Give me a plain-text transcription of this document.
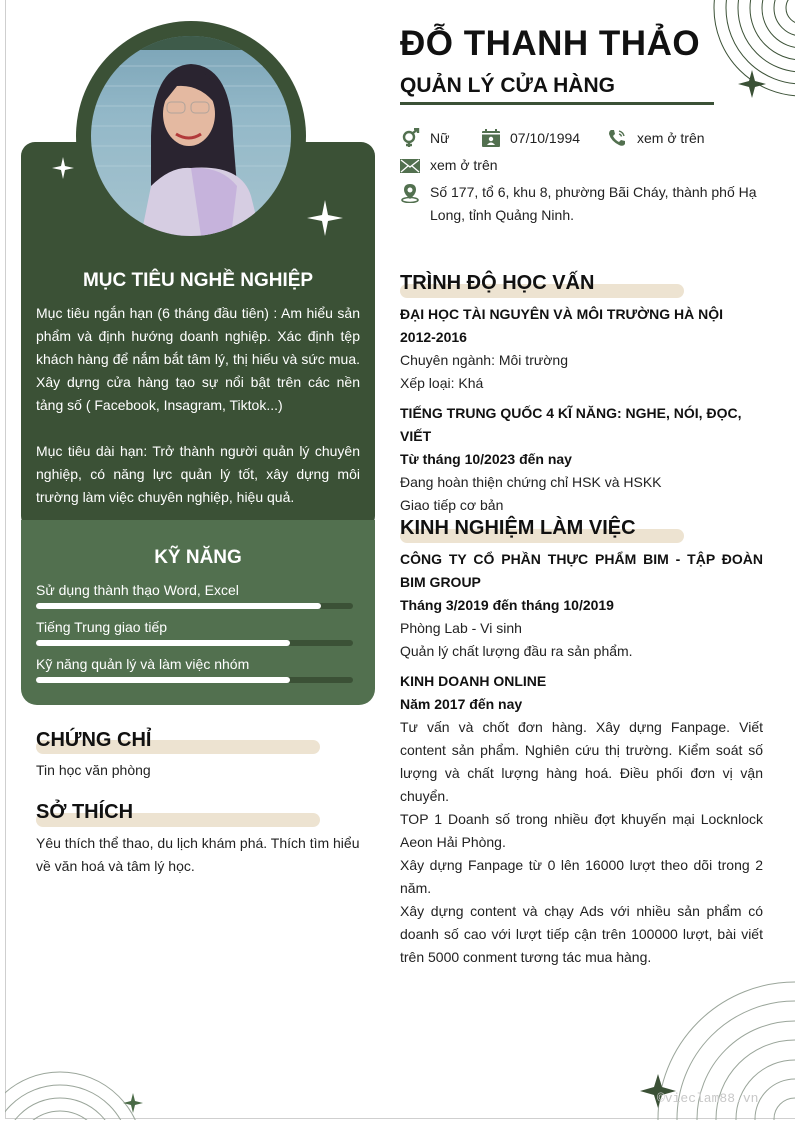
©vieclam88.vn
MỤC TIÊU NGHỀ NGHIỆP

Mục tiêu ngắn hạn (6 tháng đầu tiên) : Am hiểu sản phẩm và định hướng doanh nghiệp. Xác định tệp khách hàng để nắm bắt tâm lý, thị hiếu và sức mua. Xây dựng cửa hàng tạo sự nổi bật trên các nền tảng số ( Facebook, Insagram, Tiktok...)

Mục tiêu dài hạn: Trở thành người quản lý chuyên nghiệp, có năng lực quản lý tốt, xây dựng môi trường làm việc chuyên nghiệp, hiệu quả.

KỸ NĂNG
Sử dụng thành thạo Word, Excel
Tiếng Trung giao tiếp
Kỹ năng quản lý và làm việc nhóm
CHỨNG CHỈ
Tin học văn phòng
SỞ THÍCH
Yêu thích thể thao, du lịch khám phá. Thích tìm hiểu về văn hoá và tâm lý học.
ĐỖ THANH THẢO
QUẢN LÝ CỬA HÀNG
Nữ	07/10/1994	xem ở trên
xem ở trên
Số 177, tổ 6, khu 8, phường Bãi Cháy, thành phố Hạ Long, tỉnh Quảng Ninh.
TRÌNH ĐỘ HỌC VẤN

ĐẠI HỌC TÀI NGUYÊN VÀ MÔI TRƯỜNG HÀ NỘI

2012-2016

Chuyên ngành: Môi trường

Xếp loại: Khá

TIẾNG TRUNG QUỐC 4 KĨ NĂNG: NGHE, NÓI, ĐỌC, VIẾT

Từ tháng 10/2023 đến nay

Đang hoàn thiện chứng chỉ HSK và HSKK

Giao tiếp cơ bản

KINH NGHIỆM LÀM VIỆC

CÔNG TY CỔ PHẦN THỰC PHẨM BIM - TẬP ĐOÀN BIM GROUP

Tháng 3/2019 đến tháng 10/2019

Phòng Lab - Vi sinh

Quản lý chất lượng đầu ra sản phẩm.

KINH DOANH ONLINE

Năm 2017 đến nay

Tư vấn và chốt đơn hàng. Xây dựng Fanpage. Viết content sản phẩm. Nghiên cứu thị trường. Kiểm soát số lượng và chất lượng hàng hoá. Điều phối đơn vị vận chuyển.

TOP 1 Doanh số trong nhiều đợt khuyến mại Locknlock Aeon Hải Phòng.

Xây dựng Fanpage từ 0 lên 16000 lượt theo dõi trong 2 năm.

Xây dựng content và chạy Ads với nhiều sản phẩm có doanh số cao với lượt tiếp cận trên 100000 lượt, bài viết trên 5000 conment tương tác mua hàng.
